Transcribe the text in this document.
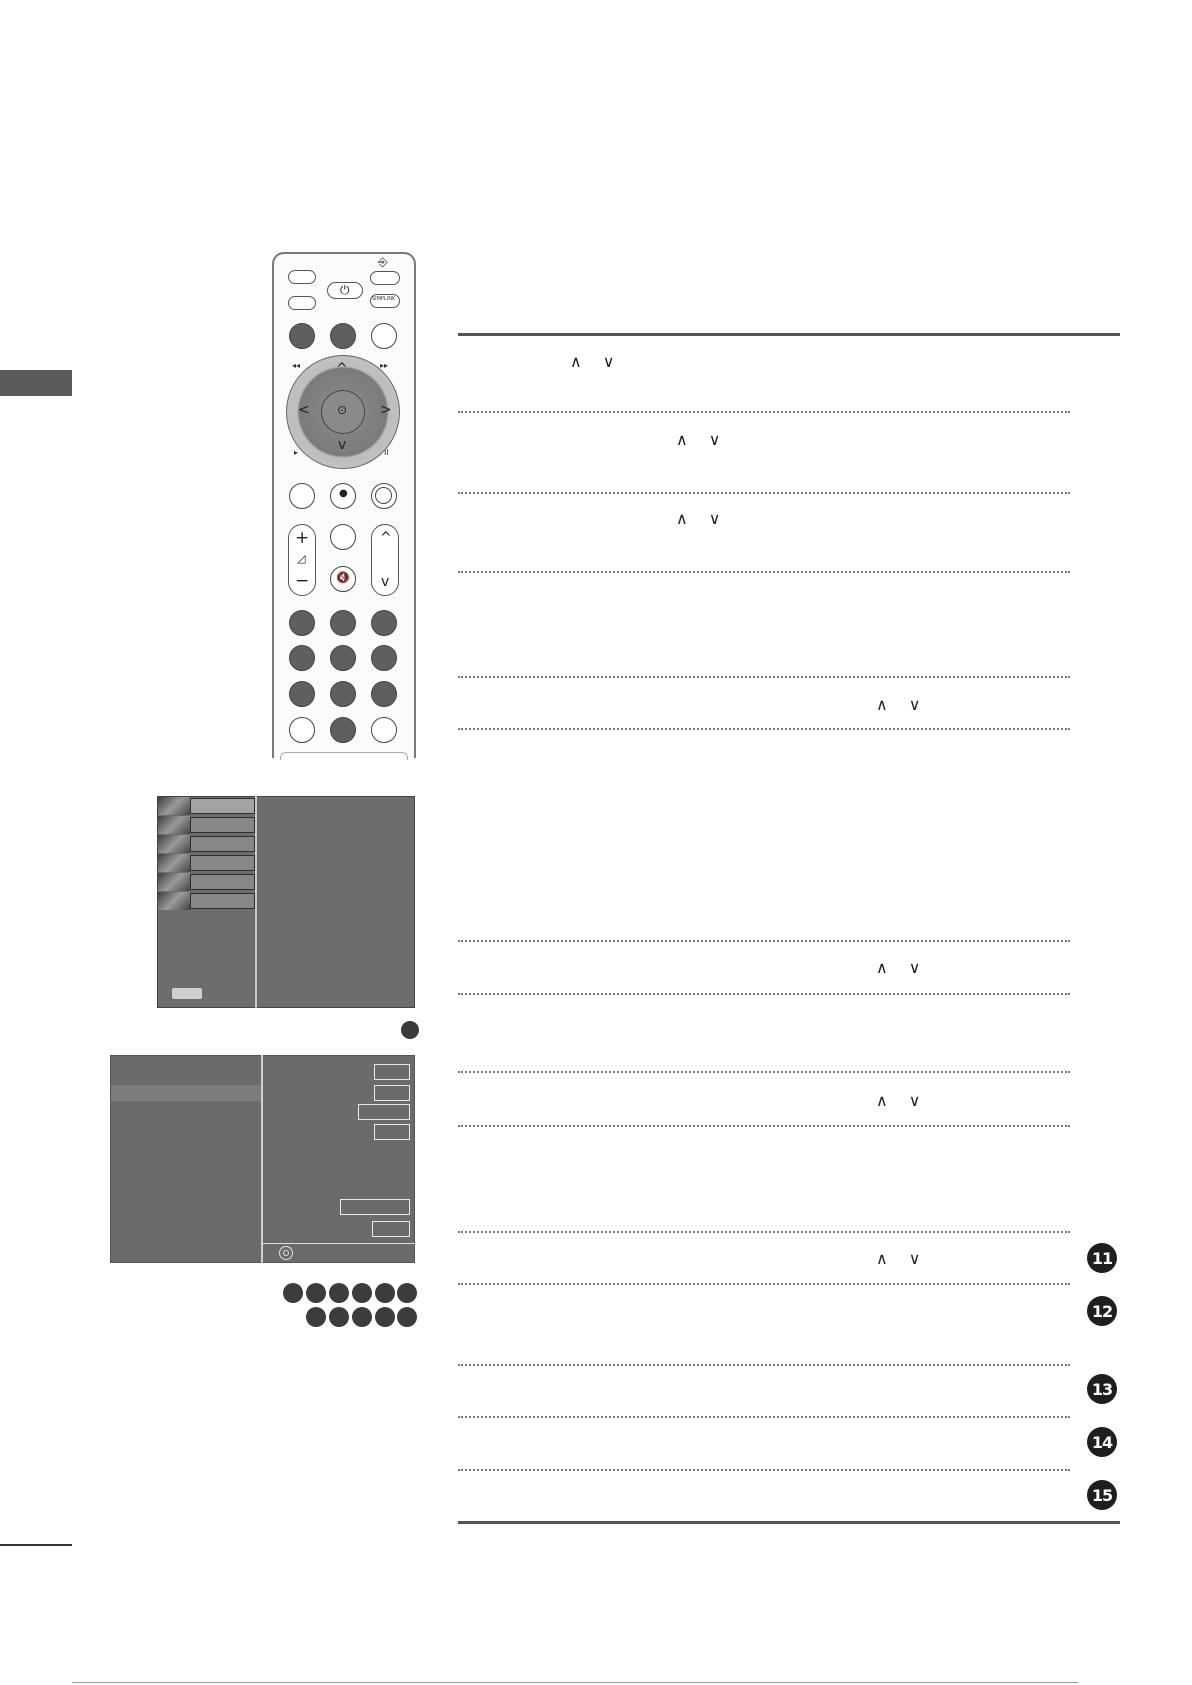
⏻
⎆
SIMPLINK
◂◂	▸▸
▸	II
⊙
^
v
<	>
●
+
◿
− 🔇
^
v
∧ ∨
∧ ∨
∧ ∨
∧ ∨
∧ ∨
∧ ∨
∧ ∨	11
12
13
14
15
